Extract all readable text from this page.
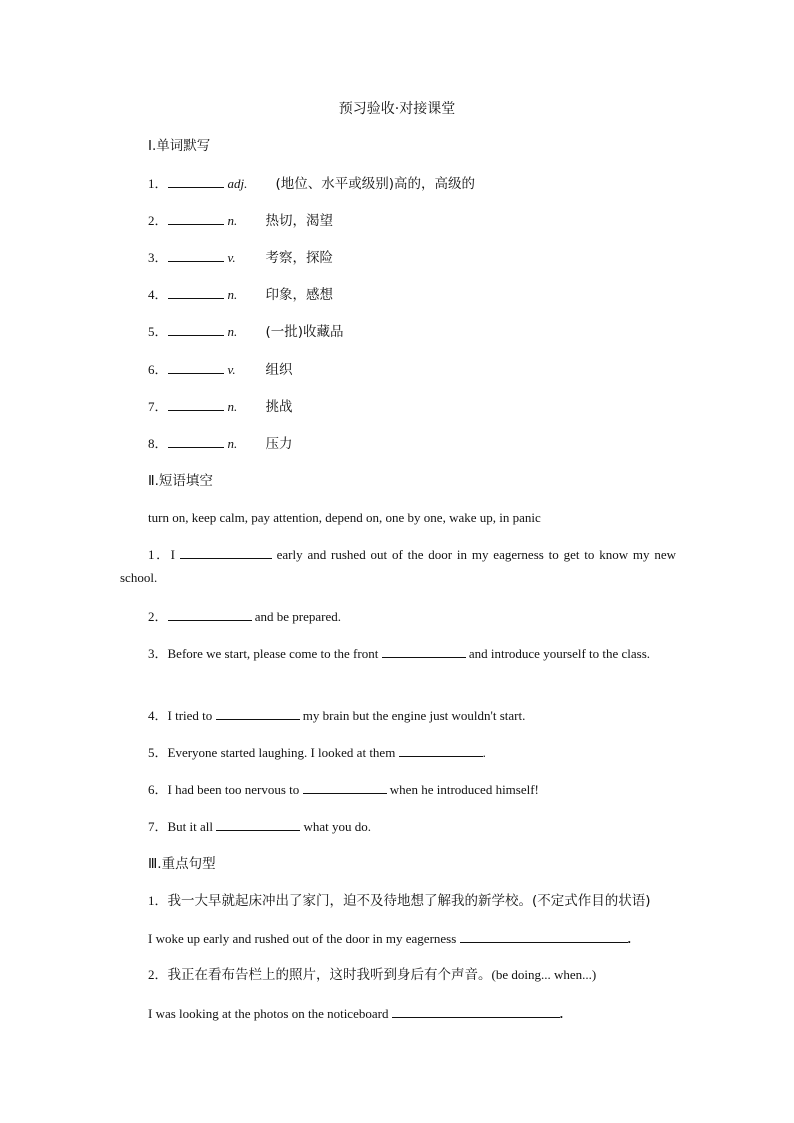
预习验收·对接课堂
Ⅰ.单词默写
1．	adj. (地位、水平或级别)高的，高级的
2．	n. 热切，渴望
3．	v. 考察，探险
4．	n. 印象，感想
5．	n. (一批)收藏品
6．	v. 组织
7．	n. 挑战
8．	n. 压力
Ⅱ.短语填空
turn on, keep calm, pay attention, depend on, one by one, wake up, in panic
1．I	early and rushed out of the door in my eagerness to get to know my new school.
2．	and be prepared.
3．Before we start, please come to the front	and introduce yourself to the class.
4．I tried to	my brain but the engine just wouldn't start.
5．Everyone started laughing. I looked at them	.
6．I had been too nervous to	when he introduced himself!
7．But it all	what you do.
Ⅲ.重点句型
1．我一大早就起床冲出了家门，迫不及待地想了解我的新学校。(不定式作目的状语)
I woke up early and rushed out of the door in my eagerness	.
2．我正在看布告栏上的照片，这时我听到身后有个声音。(be doing... when...)
I was looking at the photos on the noticeboard	.
